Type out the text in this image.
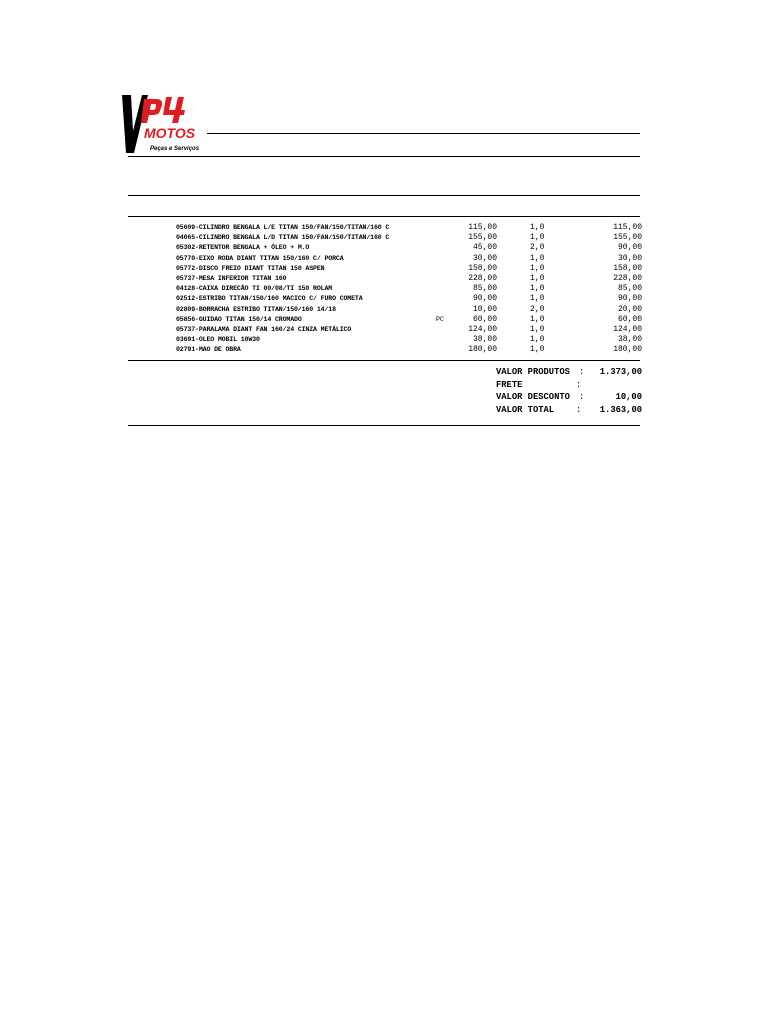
MOTOS
Peças e Serviços
05609-CILINDRO BENGALA L/E TITAN 150/FAN/150/TITAN/160 C	115,00	1,0	115,00
04065-CILINDRO BENGALA L/D TITAN 150/FAN/150/TITAN/160 C	155,00	1,0	155,00
05302-RETENTOR BENGALA + ÓLEO + M.O	45,00	2,0	90,00
05770-EIXO RODA DIANT TITAN 150/160 C/ PORCA	30,00	1,0	30,00
05772-DISCO FREIO DIANT TITAN 150 ASPEN	158,00	1,0	158,00
05737-MESA INFERIOR TITAN 160	228,00	1,0	228,00
04128-CAIXA DIRECÃO TI 00/08/TI 150 ROLAM	85,00	1,0	85,00
02512-ESTRIBO TITAN/150/160 MACICO C/ FURO COMETA	90,00	1,0	90,00
02809-BORRACHA ESTRIBO TITAN/150/160 14/18	10,00	2,0	20,00
05856-GUIDAO TITAN 150/14 CROMADO	PC	60,00	1,0	60,00
05737-PARALAMA DIANT FAN 160/24 CINZA METÁLICO	124,00	1,0	124,00
03691-OLEO MOBIL 10W30	38,00	1,0	38,00
02791-MAO DE OBRA	180,00	1,0	180,00
VALOR PRODUTOS : 1.373,00
FRETE	:
VALOR DESCONTO :	10,00
VALOR TOTAL : 1.363,00
